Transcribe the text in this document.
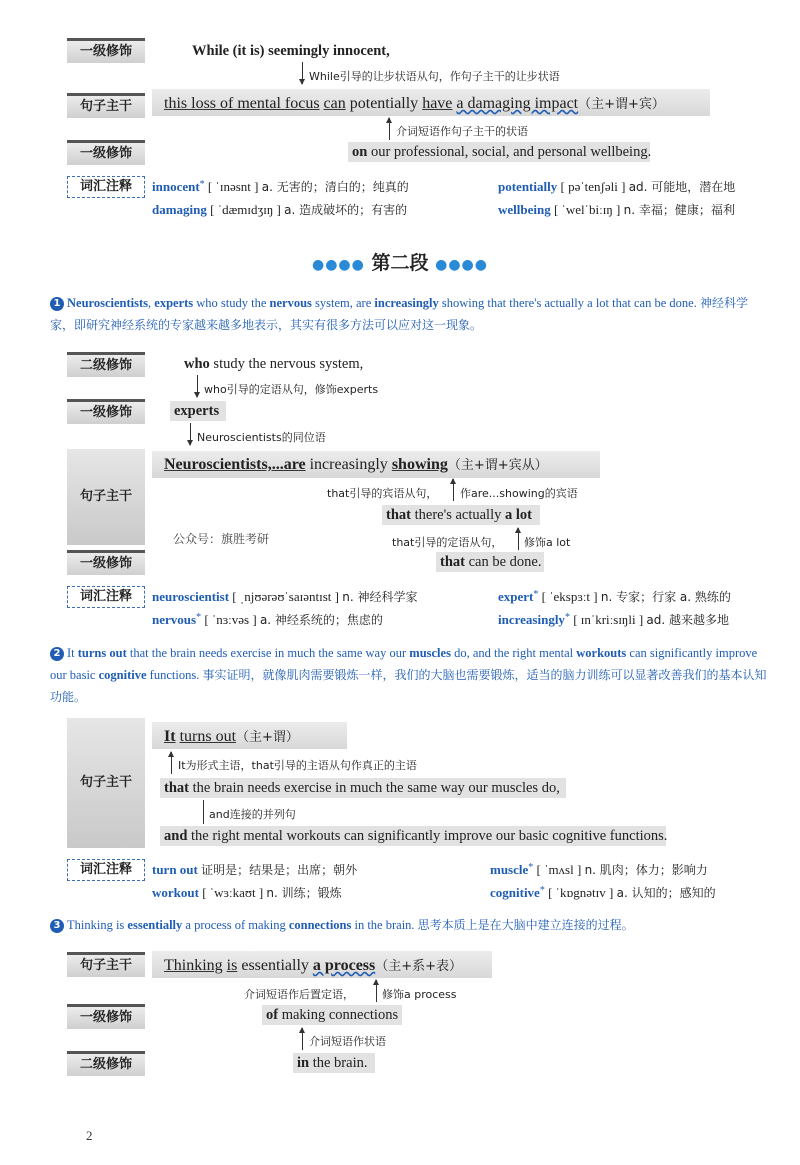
一级修饰	While (it is) seemingly innocent,
While引导的让步状语从句，作句子主干的让步状语
句子主干	this loss of mental focus can potentially have a damaging impact（主+谓+宾）
介词短语作句子主干的状语
一级修饰	on our professional, social, and personal wellbeing.
词汇注释	innocent* [ ˈɪnəsnt ] a. 无害的；清白的；纯真的	potentially [ pəˈtenʃəli ] ad. 可能地，潜在地
damaging [ ˈdæmɪdʒɪŋ ] a. 造成破坏的；有害的	wellbeing [ ˈwelˈbiːɪŋ ] n. 幸福；健康；福利
●●●● 第二段 ●●●●
1 Neuroscientists, experts who study the nervous system, are increasingly showing that there's actually a lot that can be done. 神经科学家，即研究神经系统的专家越来越多地表示，其实有很多方法可以应对这一现象。
二级修饰	who study the nervous system,
who引导的定语从句，修饰experts
一级修饰	experts
Neuroscientists的同位语
句子主干
Neuroscientists,...are increasingly showing（主+谓+宾从）
that引导的宾语从句， 作are...showing的宾语
that there's actually a lot
公众号：旗胜考研	that引导的定语从句， 修饰a lot
一级修饰	that can be done.
词汇注释	neuroscientist [ ˌnjʊərəʊˈsaɪəntɪst ] n. 神经科学家	expert* [ ˈekspɜːt ] n. 专家；行家 a. 熟练的
nervous* [ ˈnɜːvəs ] a. 神经系统的；焦虑的	increasingly* [ ɪnˈkriːsɪŋli ] ad. 越来越多地
2 It turns out that the brain needs exercise in much the same way our muscles do, and the right mental workouts can significantly improve our basic cognitive functions. 事实证明，就像肌肉需要锻炼一样，我们的大脑也需要锻炼，适当的脑力训练可以显著改善我们的基本认知功能。
句子主干
It turns out（主+谓）
It为形式主语，that引导的主语从句作真正的主语
that the brain needs exercise in much the same way our muscles do,
and连接的并列句
and the right mental workouts can significantly improve our basic cognitive functions.
词汇注释	turn out 证明是；结果是；出席；朝外	muscle* [ ˈmʌsl ] n. 肌肉；体力；影响力
workout [ ˈwɜːkaʊt ] n. 训练；锻炼	cognitive* [ ˈkɒgnətɪv ] a. 认知的；感知的
3 Thinking is essentially a process of making connections in the brain. 思考本质上是在大脑中建立连接的过程。
句子主干	Thinking is essentially a process（主+系+表）
介词短语作后置定语，	修饰a process
一级修饰	of making connections
介词短语作状语
二级修饰	in the brain.
2
